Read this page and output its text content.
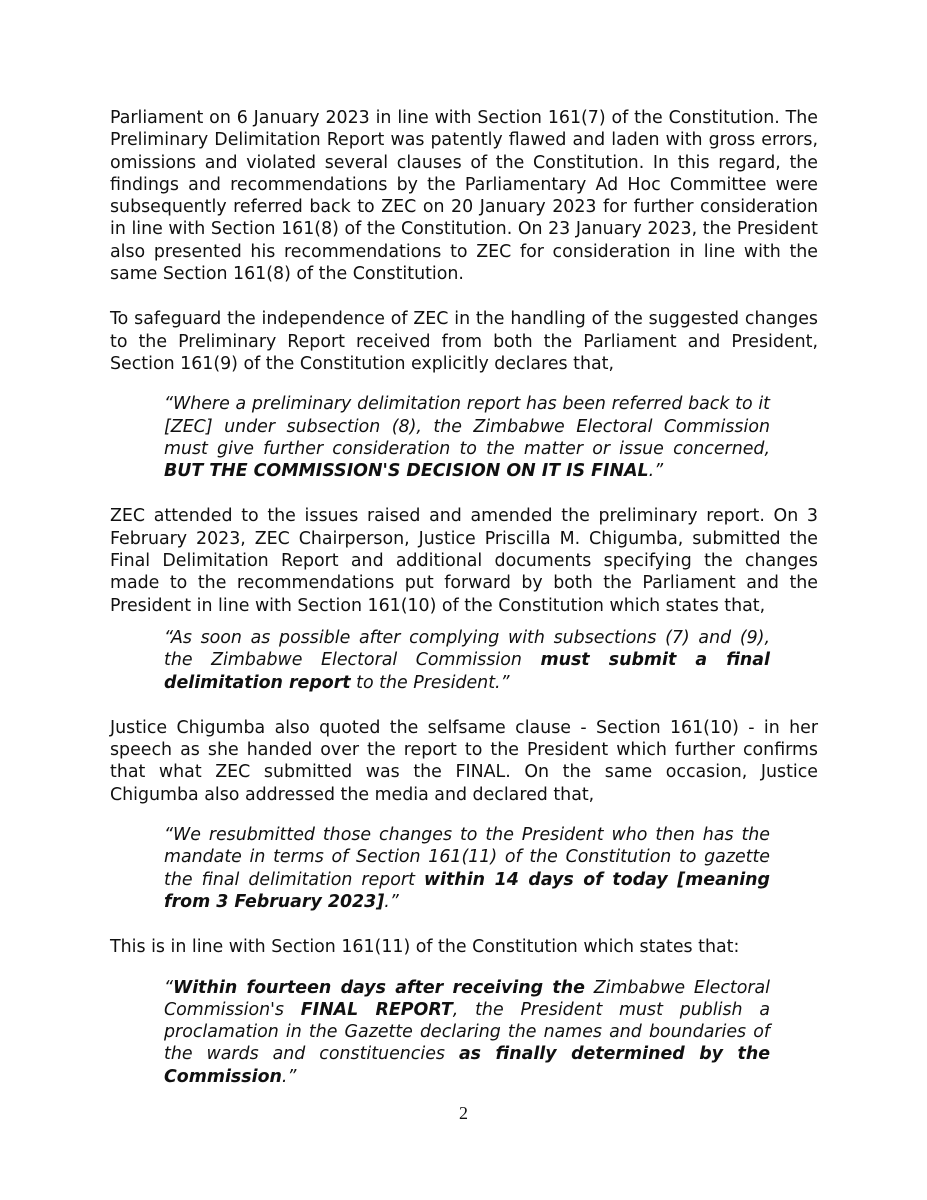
Parliament on 6 January 2023 in line with Section 161(7) of the Constitution. The Preliminary Delimitation Report was patently flawed and laden with gross errors, omissions and violated several clauses of the Constitution. In this regard, the findings and recommendations by the Parliamentary Ad Hoc Committee were subsequently referred back to ZEC on 20 January 2023 for further consideration in line with Section 161(8) of the Constitution. On 23 January 2023, the President also presented his recommendations to ZEC for consideration in line with the same Section 161(8) of the Constitution.

To safeguard the independence of ZEC in the handling of the suggested changes to the Preliminary Report received from both the Parliament and President, Section 161(9) of the Constitution explicitly declares that,

“Where a preliminary delimitation report has been referred back to it [ZEC] under subsection (8), the Zimbabwe Electoral Commission must give further consideration to the matter or issue concerned, BUT THE COMMISSION'S DECISION ON IT IS FINAL.”

ZEC attended to the issues raised and amended the preliminary report. On 3 February 2023, ZEC Chairperson, Justice Priscilla M. Chigumba, submitted the Final Delimitation Report and additional documents specifying the changes made to the recommendations put forward by both the Parliament and the President in line with Section 161(10) of the Constitution which states that,

“As soon as possible after complying with subsections (7) and (9), the Zimbabwe Electoral Commission must submit a final delimitation report to the President.”

Justice Chigumba also quoted the selfsame clause - Section 161(10) - in her speech as she handed over the report to the President which further confirms that what ZEC submitted was the FINAL. On the same occasion, Justice Chigumba also addressed the media and declared that,

“We resubmitted those changes to the President who then has the mandate in terms of Section 161(11) of the Constitution to gazette the final delimitation report within 14 days of today [meaning from 3 February 2023].”

This is in line with Section 161(11) of the Constitution which states that:

“Within fourteen days after receiving the Zimbabwe Electoral Commission's FINAL REPORT, the President must publish a proclamation in the Gazette declaring the names and boundaries of the wards and constituencies as finally determined by the Commission.”

2
